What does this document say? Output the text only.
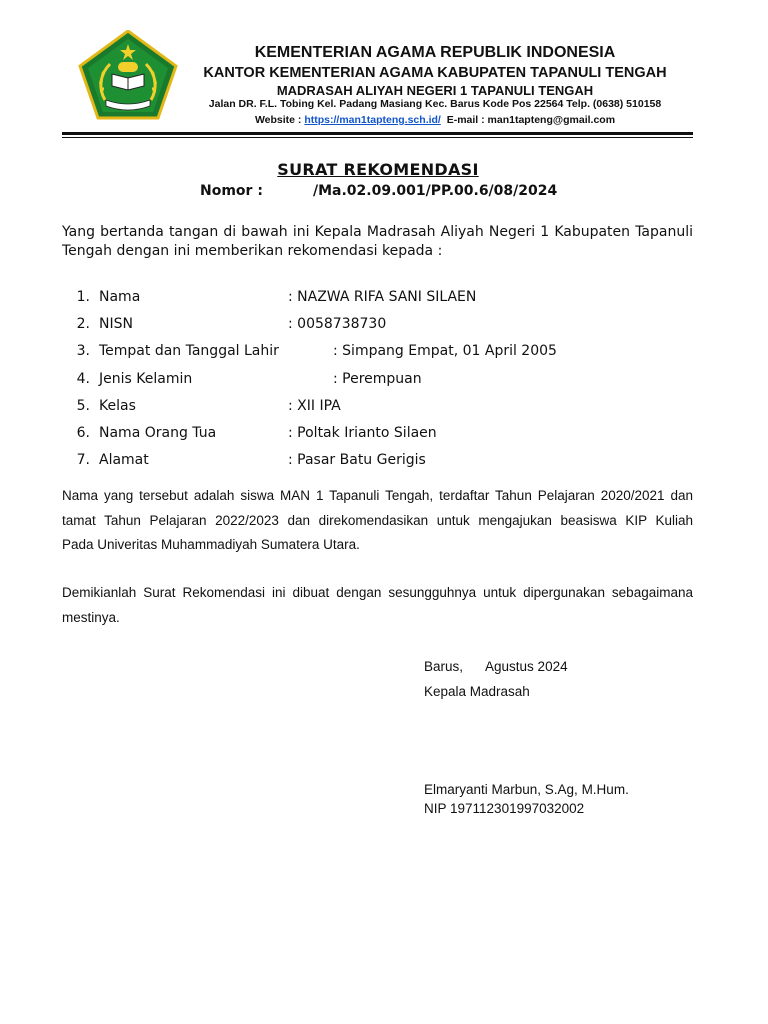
KEMENTERIAN AGAMA REPUBLIK INDONESIA
KANTOR KEMENTERIAN AGAMA KABUPATEN TAPANULI TENGAH
MADRASAH ALIYAH NEGERI 1 TAPANULI TENGAH
Jalan DR. F.L. Tobing Kel. Padang Masiang Kec. Barus Kode Pos 22564 Telp. (0638) 510158
Website : https://man1tapteng.sch.id/ E-mail : man1tapteng@gmail.com
SURAT REKOMENDASI
Nomor :	/Ma.02.09.001/PP.00.6/08/2024
Yang bertanda tangan di bawah ini Kepala Madrasah Aliyah Negeri 1 Kabupaten Tapanuli
Tengah dengan ini memberikan rekomendasi kepada :
1. Nama	: NAZWA RIFA SANI SILAEN
2. NISN	: 0058738730
3. Tempat dan Tanggal Lahir	: Simpang Empat, 01 April 2005
4. Jenis Kelamin	: Perempuan
5. Kelas	: XII IPA
6. Nama Orang Tua	: Poltak Irianto Silaen
7. Alamat	: Pasar Batu Gerigis
Nama yang tersebut adalah siswa MAN 1 Tapanuli Tengah, terdaftar Tahun Pelajaran 2020/2021 dan
tamat Tahun Pelajaran 2022/2023 dan direkomendasikan untuk mengajukan beasiswa KIP Kuliah
Pada Univeritas Muhammadiyah Sumatera Utara.
Demikianlah Surat Rekomendasi ini dibuat dengan sesungguhnya untuk dipergunakan sebagaimana
mestinya.
Barus, Agustus 2024
Kepala Madrasah
Elmaryanti Marbun, S.Ag, M.Hum.
NIP 197112301997032002
